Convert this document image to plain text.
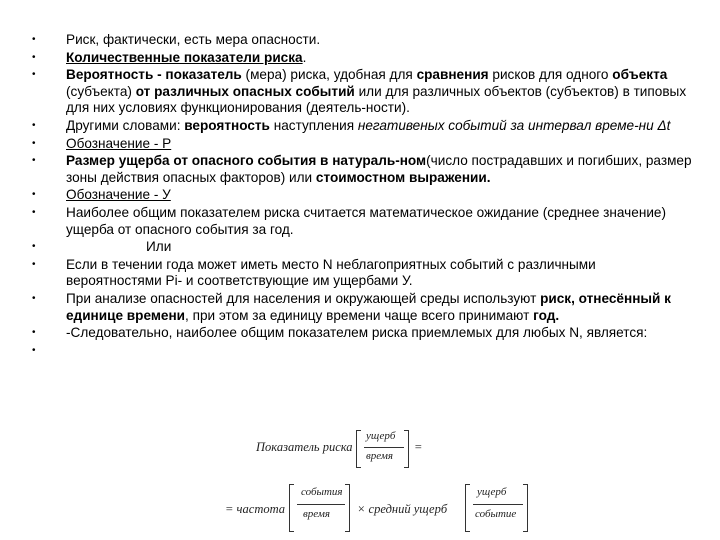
•	Риск, фактически, есть мера опасности.
•	Количественные показатели риска.
•	Вероятность - показатель (мера) риска, удобная для сравнения рисков для одного объекта (субъекта) от различных опасных событий или для различных объектов (субъектов) в типовых для них условиях функционирования (деятель-ности).
•	Другими словами: вероятность наступления негативеных событий за интервал време-ни Δt
•	Обозначение - Р
•	Размер ущерба от опасного события в натураль-ном(число пострадавших и погибших, размер зоны действия опасных факторов) или стоимостном выражении.
•	Обозначение - У
•	Наиболее общим показателем риска считается математическое ожидание (среднее значение) ущерба от опасного события за год.
•	Или
•	Если в течении года может иметь место N неблагоприятных событий с различными вероятностями Pi- и соответствующие им ущербами У.
•	При анализе опасностей для населения и окружающей среды используют риск, отнесённый к единице времени, при этом за единицу времени чаще всего принимают год.
•	-Следовательно, наиболее общим показателем риска приемлемых для любых N, является:
•
Показатель риска
ущерб
время
=
= частота
события
время × средний ущерб
ущерб
событие
